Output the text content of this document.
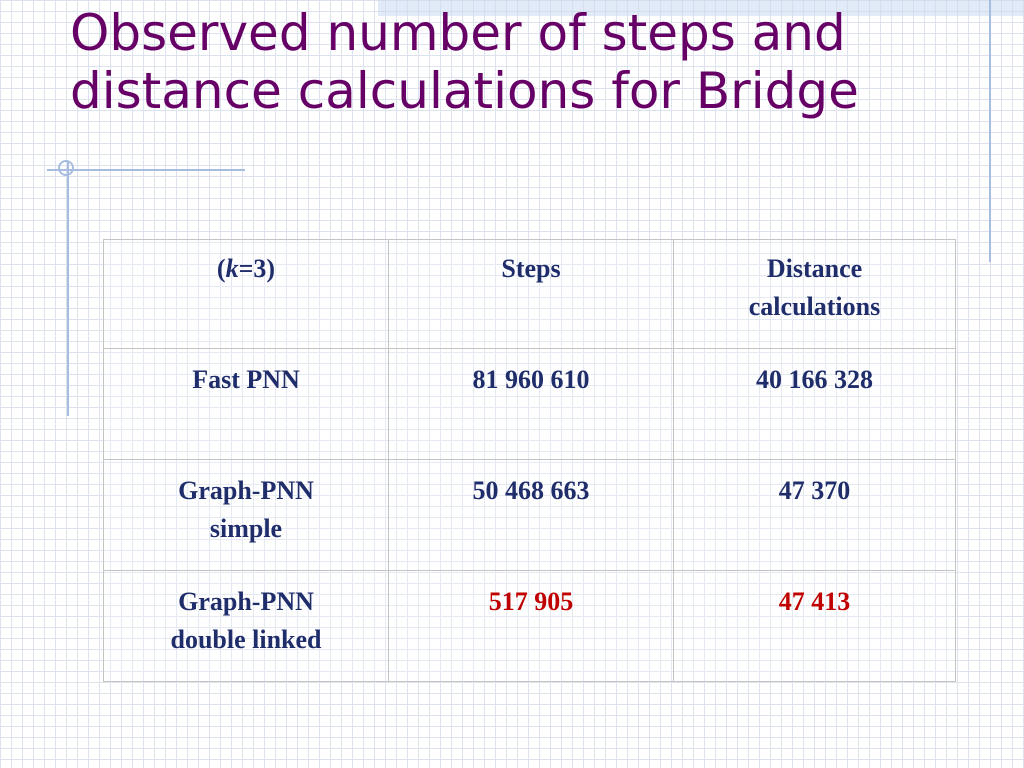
Observed number of steps and
distance calculations for Bridge
(k=3)	Steps	Distance
calculations

Fast PNN	81 960 610	40 166 328

Graph-PNN
simple	50 468 663	47 370

Graph-PNN
double linked	517 905	47 413
